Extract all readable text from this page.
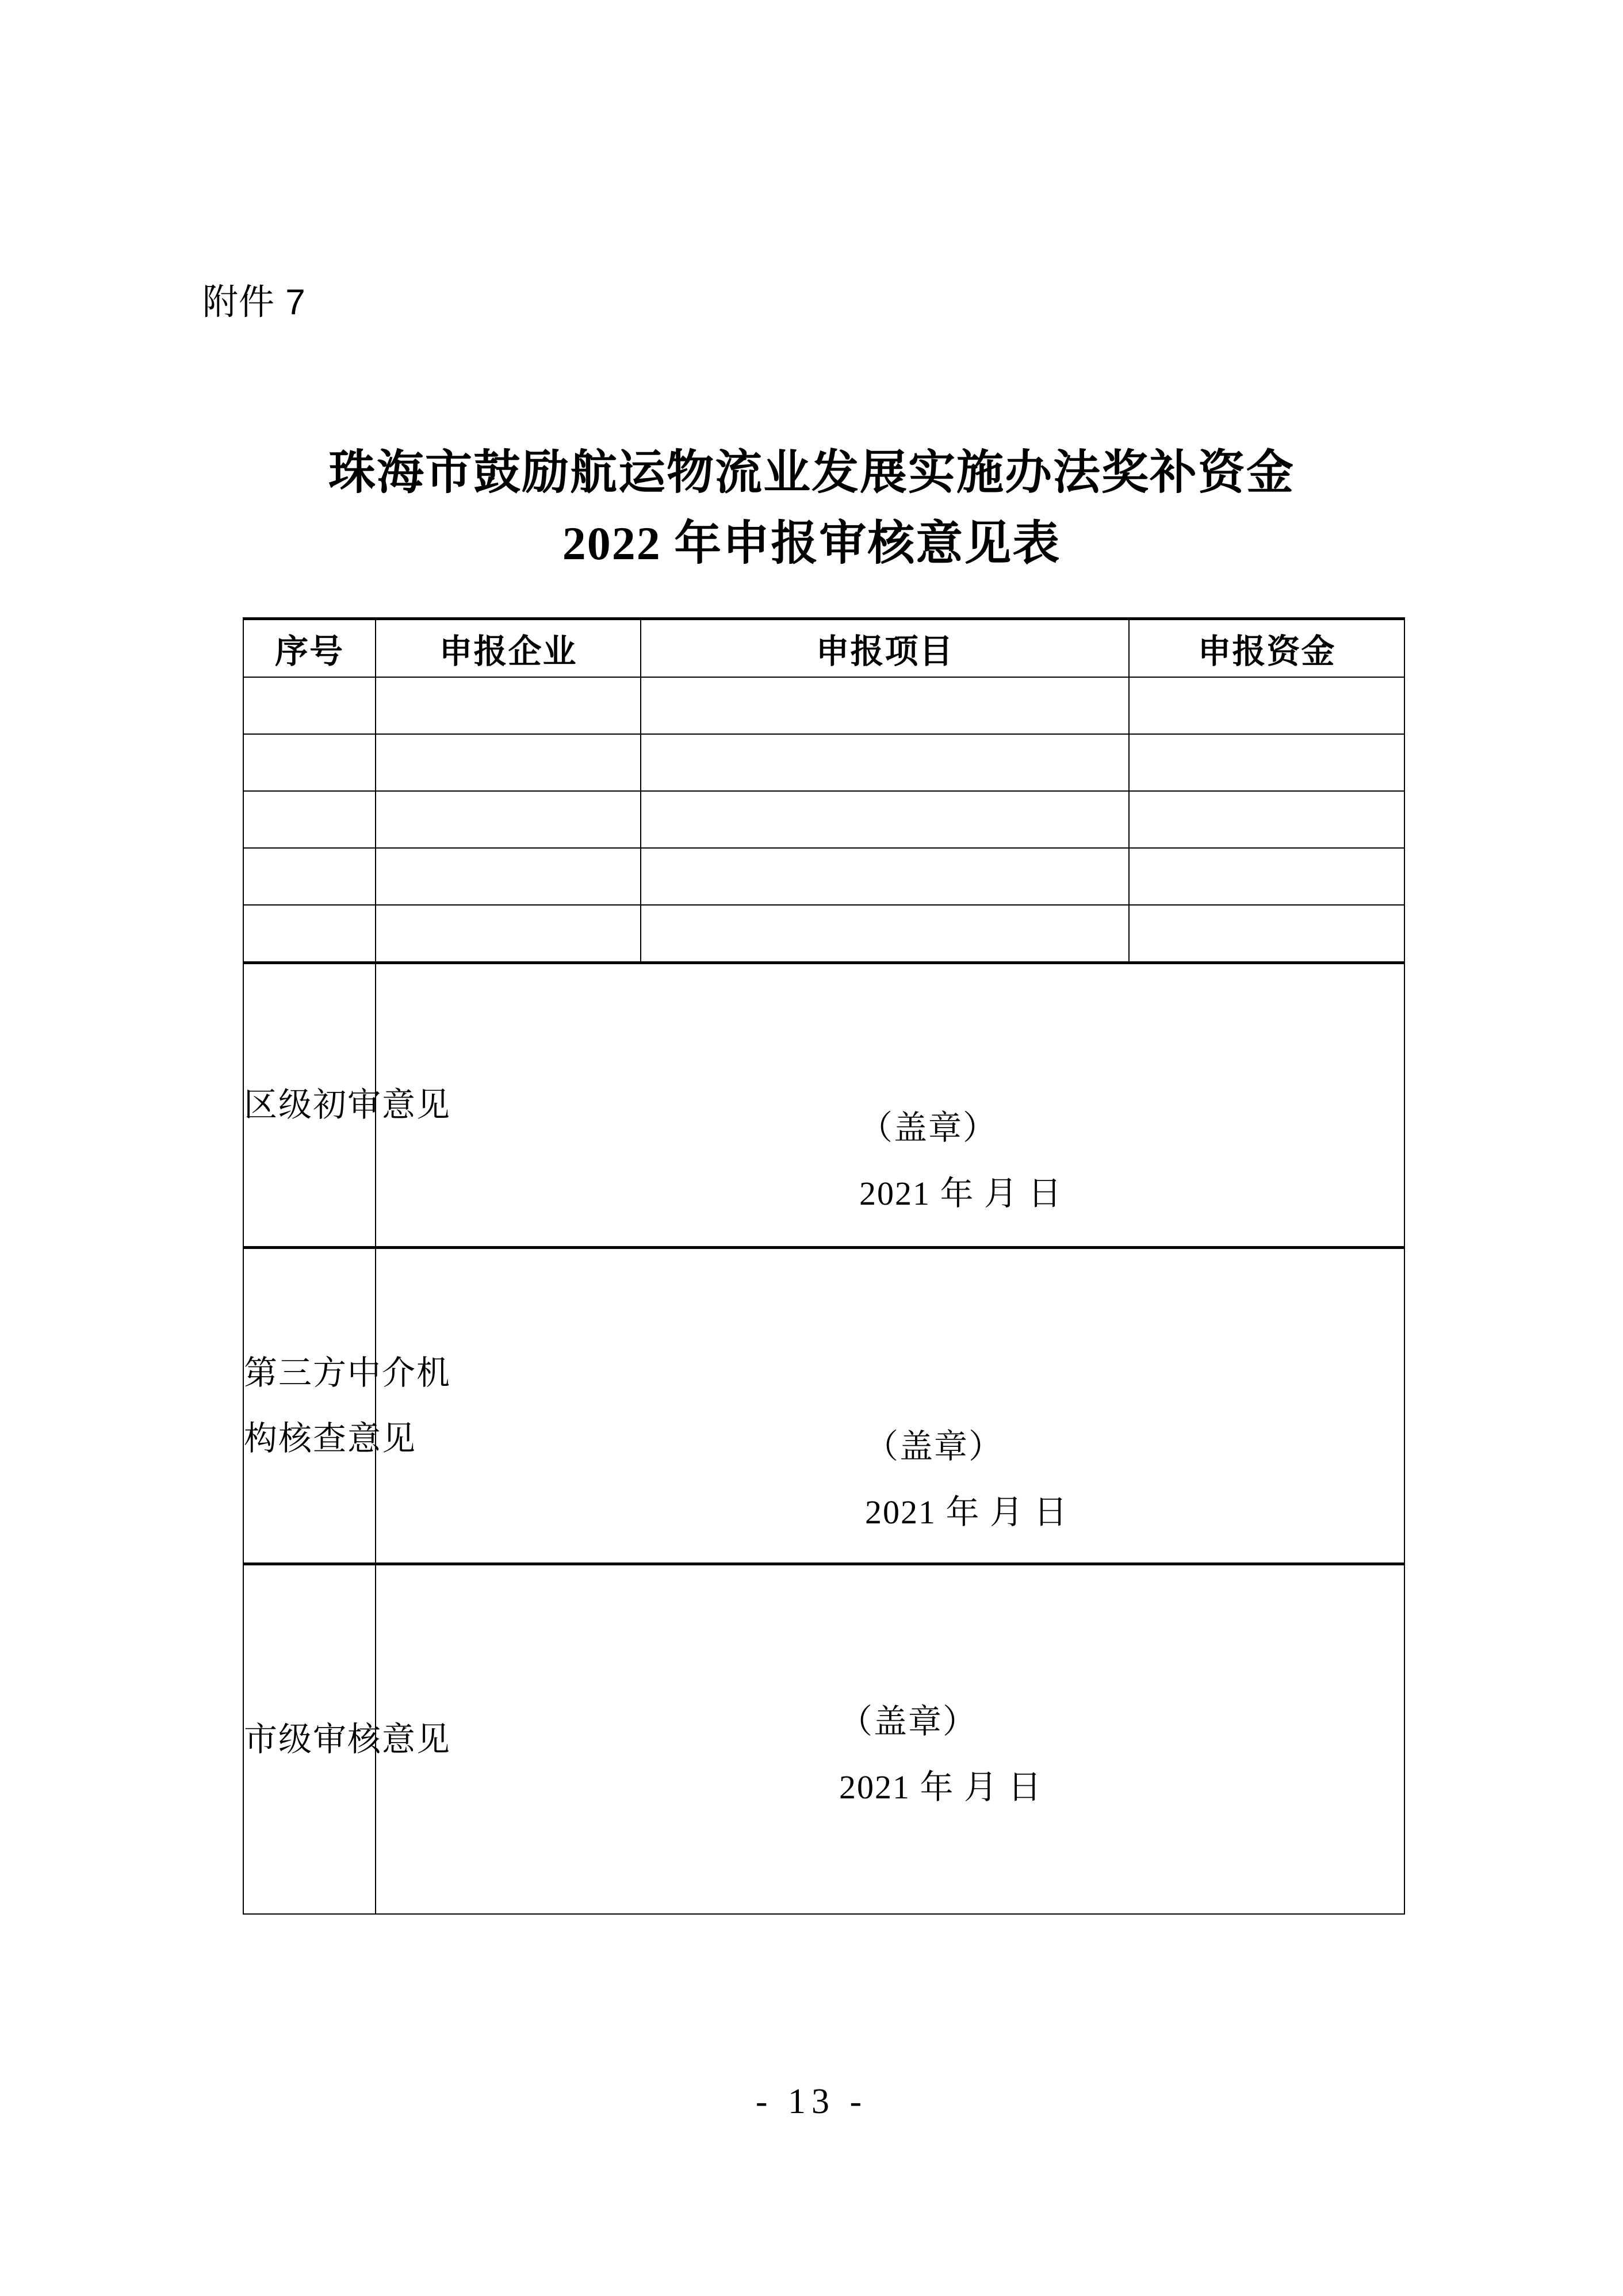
附件 7
珠海市鼓励航运物流业发展实施办法奖补资金
2022 年申报审核意见表
序号	申报企业	申报项目	申报资金

区级初审意见	（盖章）
2021 年 月 日		

第三方中介机
构核查意见	（盖章）
2021 年 月 日		

市级审核意见	（盖章）
2021 年 月 日		
- 13 -
